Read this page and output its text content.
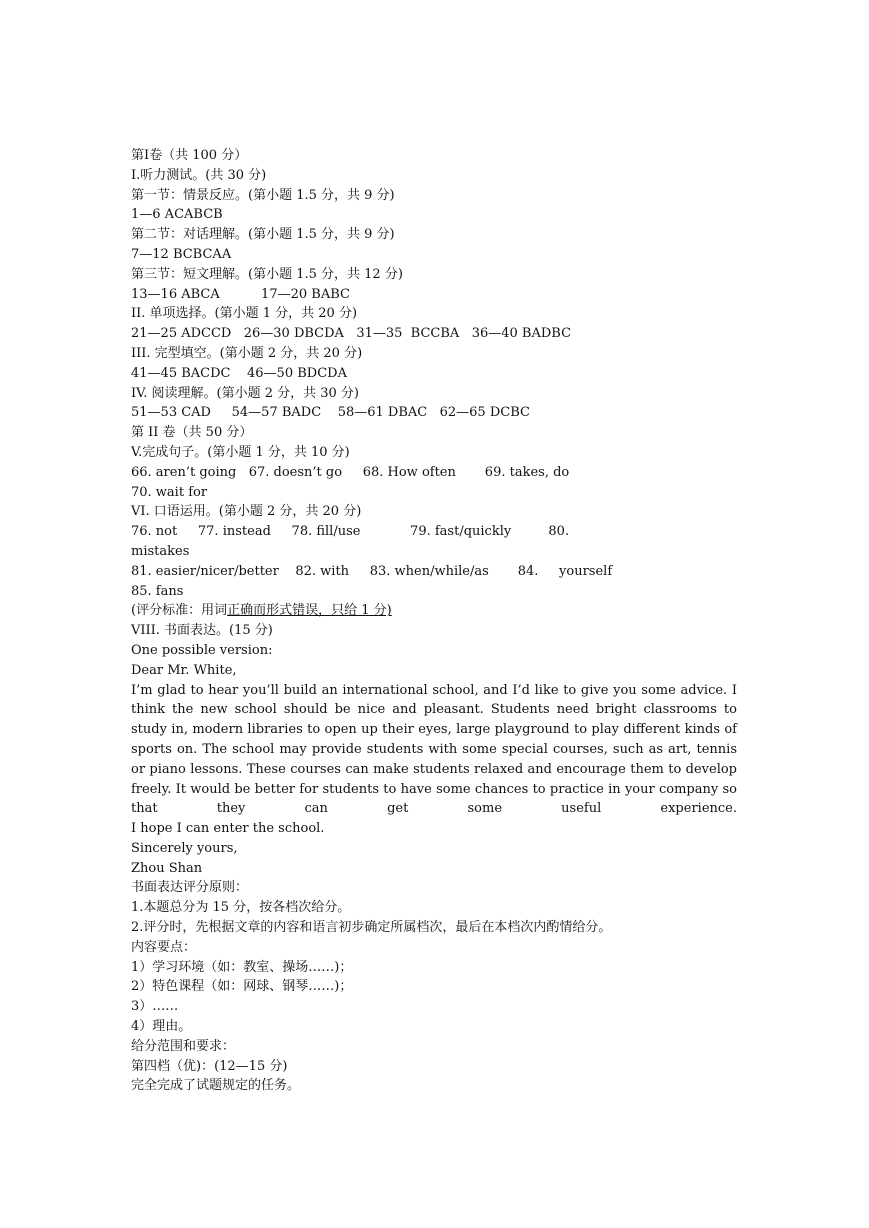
第Ⅰ卷（共 100 分）
I.听力测试。(共 30 分)
第一节：情景反应。(第小题 1.5 分，共 9 分)
1—6 ACABCB
第二节：对话理解。(第小题 1.5 分，共 9 分)
7—12 BCBCAA
第三节：短文理解。(第小题 1.5 分，共 12 分)
13—16 ABCA          17—20 BABC
II. 单项选择。(第小题 1 分，共 20 分)
21—25 ADCCD   26—30 DBCDA   31—35  BCCBA   36—40 BADBC
III. 完型填空。(第小题 2 分，共 20 分)
41—45 BACDC    46—50 BDCDA
IV. 阅读理解。(第小题 2 分，共 30 分)
51—53 CAD     54—57 BADC    58—61 DBAC   62—65 DCBC
第 II 卷（共 50 分）
V.完成句子。(第小题 1 分，共 10 分)
66. aren’t going   67. doesn’t go     68. How often       69. takes, do
70. wait for
VI. 口语运用。(第小题 2 分，共 20 分)
76. not     77. instead     78. fill/use            79. fast/quickly         80.
mistakes
81. easier/nicer/better    82. with     83. when/while/as       84.     yourself
85. fans
(评分标准：用词正确而形式错误，只给 1 分)
VIII. 书面表达。(15 分)
One possible version:
Dear Mr. White,
I’m glad to hear you’ll build an international school, and I’d like to give you some advice. I think the new school should be nice and pleasant. Students need bright classrooms to study in, modern libraries to open up their eyes, large playground to play different kinds of sports on. The school may provide students with some special courses, such as art, tennis or piano lessons. These courses can make students relaxed and encourage them to develop freely. It would be better for students to have some chances to practice in your company so that they can get some useful experience.
I hope I can enter the school.
Sincerely yours,
Zhou Shan
书面表达评分原则：
1.本题总分为 15 分，按各档次给分。
2.评分时，先根据文章的内容和语言初步确定所属档次，最后在本档次内酌情给分。
内容要点：
1）学习环境（如：教室、操场……)；
2）特色课程（如：网球、钢琴……)；
3）……
4）理由。
给分范围和要求：
第四档（优)：(12—15 分)
完全完成了试题规定的任务。
